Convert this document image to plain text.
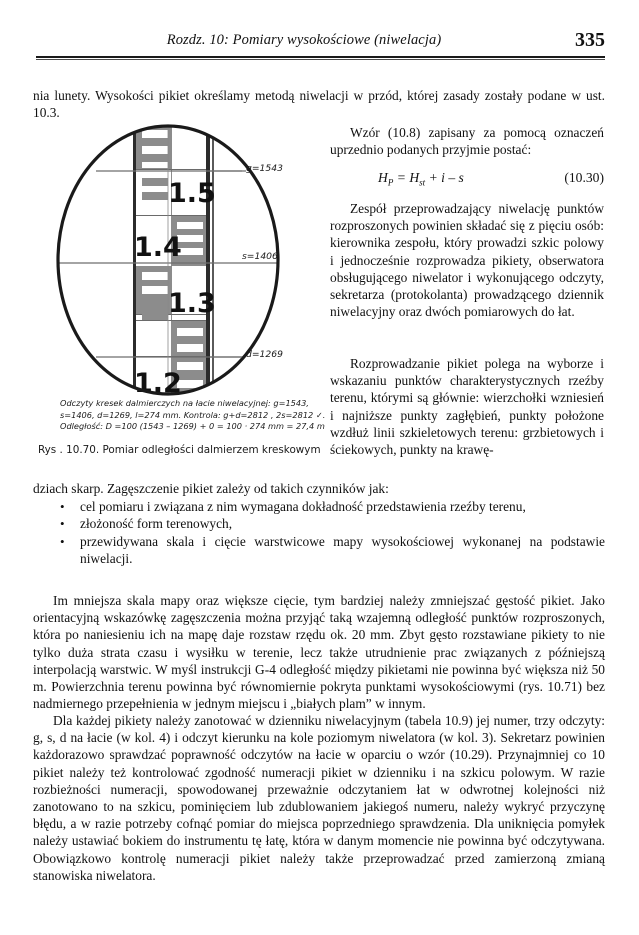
Rozdz. 10: Pomiary wysokościowe (niwelacja)	335
nia lunety. Wysokości pikiet określamy metodą niwelacji w przód, której zasady zostały podane w ust. 10.3.
Wzór (10.8) zapisany za pomocą oznaczeń uprzednio podanych przyjmie postać:
$H_P = H_{st} + i - s$	(10.30)
Zespół przeprowadzający niwelację punktów rozproszonych powinien składać się z pięciu osób: kierownika zespołu, który prowadzi szkic polowy i jednocześnie rozprowadza pikiety, obserwatora obsługującego niwelator i wykonującego odczyty, sekretarza (protokolanta) prowadzącego dziennik niwelacyjny oraz dwóch pomiarowych do łat.
Rozprowadzanie pikiet polega na wyborze i wskazaniu punktów charakterystycznych rzeźby terenu, którymi są głównie: wierzchołki wzniesień i najniższe punkty zagłębień, punkty położone wzdłuż linii szkieletowych terenu: grzbietowych i ściekowych, punkty na krawę-
1.5
1.4
1.3
1.2
g=1543
s=1406
d=1269
Odczyty kresek dalmierczych na łacie niwelacyjnej: g=1543,
s=1406, d=1269, l=274 mm. Kontrola: g+d=2812 , 2s=2812 ✓.
Odległość: D =100 (1543 – 1269) + 0 = 100 · 274 mm = 27,4 m
Rys . 10.70. Pomiar odległości dalmierzem kreskowym
dziach skarp. Zagęszczenie pikiet zależy od takich czynników jak:
• cel pomiaru i związana z nim wymagana dokładność przedstawienia rzeźby terenu,
• złożoność form terenowych,
• przewidywana skala i cięcie warstwicowe mapy wysokościowej wykonanej na podstawie niwelacji.
Im mniejsza skala mapy oraz większe cięcie, tym bardziej należy zmniejszać gęstość pikiet. Jako orientacyjną wskazówkę zagęszczenia można przyjąć taką wzajemną odległość punktów rozproszonych, która po naniesieniu ich na mapę daje rozstaw rzędu ok. 20 mm. Zbyt gęsto rozstawiane pikiety to nie tylko duża strata czasu i wysiłku w terenie, lecz także utrudnienie prac związanych z późniejszą interpolacją warstwic. W myśl instrukcji G-4 odległość między pikietami nie powinna być większa niż 50 m. Powierzchnia terenu powinna być równomiernie pokryta punktami wysokościowymi (rys. 10.71) bez nadmiernego przepełnienia w jednym miejscu i „białych plam” w innym.
Dla każdej pikiety należy zanotować w dzienniku niwelacyjnym (tabela 10.9) jej numer, trzy odczyty: g, s, d na łacie (w kol. 4) i odczyt kierunku na kole poziomym niwelatora (w kol. 3). Sekretarz powinien każdorazowo sprawdzać poprawność odczytów na łacie w oparciu o wzór (10.29). Przynajmniej co 10 pikiet należy też kontrolować zgodność numeracji pikiet w dzienniku i na szkicu polowym. W razie rozbieżności numeracji, spowodowanej przeważnie odczytaniem łat w odwrotnej kolejności niż zanotowano to na szkicu, pominięciem lub zdublowaniem jakiegoś numeru, należy wykryć przyczynę błędu, a w razie potrzeby cofnąć pomiar do miejsca poprzedniego sprawdzenia. Dla uniknięcia pomyłek należy ustawiać bokiem do instrumentu tę łatę, która w danym momencie nie powinna być odczytywana. Obowiązkowo kontrolę numeracji pikiet należy także przeprowadzać przed zamierzoną zmianą stanowiska niwelatora.
